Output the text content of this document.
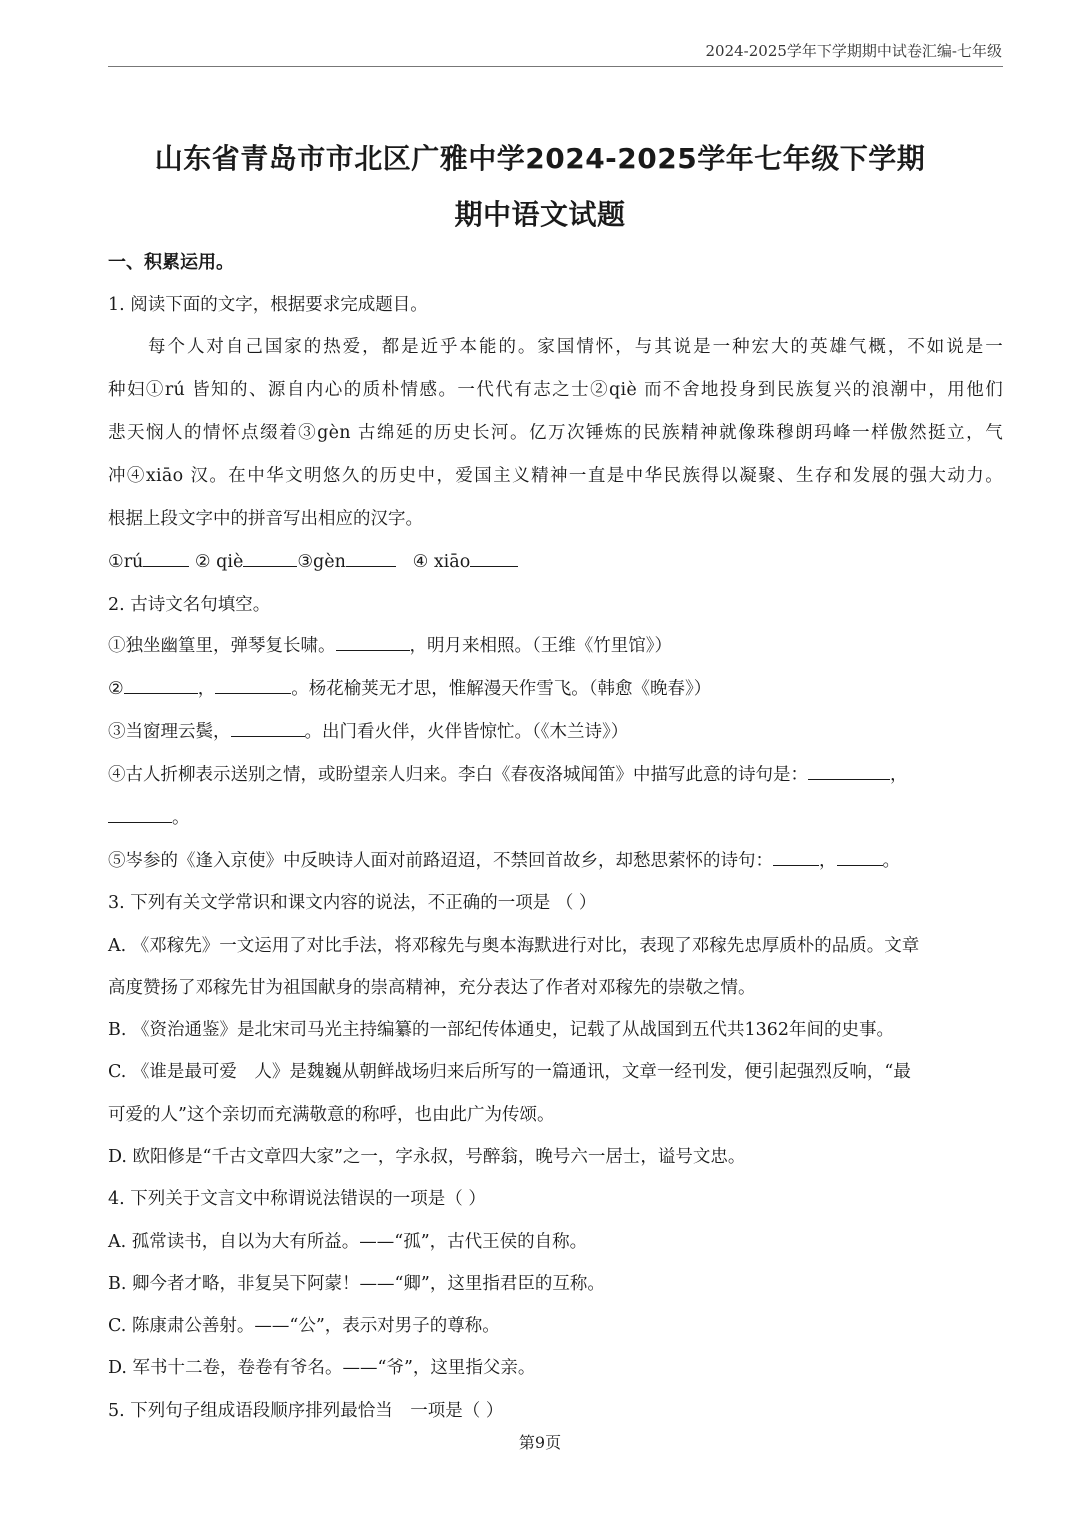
2024-2025学年下学期期中试卷汇编-七年级
山东省青岛市市北区广雅中学2024-2025学年七年级下学期
期中语文试题
一、积累运用。
1. 阅读下面的文字，根据要求完成题目。
每个人对自己国家的热爱，都是近乎本能的。家国情怀，与其说是一种宏大的英雄气概，不如说是一
种妇①rú 皆知的、源自内心的质朴情感。一代代有志之士②qiè 而不舍地投身到民族复兴的浪潮中，用他们
悲天悯人的情怀点缀着③gèn 古绵延的历史长河。亿万次锤炼的民族精神就像珠穆朗玛峰一样傲然挺立，气
冲④xiāo 汉。在中华文明悠久的历史中，爱国主义精神一直是中华民族得以凝聚、生存和发展的强大动力。
根据上段文字中的拼音写出相应的汉字。
①rú	② qiè	③gèn	④ xiāo
2. 古诗文名句填空。
①独坐幽篁里，弹琴复长啸。	，明月来相照。（王维《竹里馆》）
②	，	。杨花榆荚无才思，惟解漫天作雪飞。（韩愈《晚春》）
③当窗理云鬓，	。出门看火伴，火伴皆惊忙。（《木兰诗》）
④古人折柳表示送别之情，或盼望亲人归来。李白《春夜洛城闻笛》中描写此意的诗句是：	，
。
⑤岑参的《逢入京使》中反映诗人面对前路迢迢，不禁回首故乡，却愁思萦怀的诗句：	，	。
3. 下列有关文学常识和课文内容的说法，不正确的一项是 （ ）
A. 《邓稼先》一文运用了对比手法，将邓稼先与奥本海默进行对比，表现了邓稼先忠厚质朴的品质。文章
高度赞扬了邓稼先甘为祖国献身的崇高精神，充分表达了作者对邓稼先的崇敬之情。
B. 《资治通鉴》是北宋司马光主持编纂的一部纪传体通史，记载了从战国到五代共1362年间的史事。
C. 《谁是最可爱　人》是魏巍从朝鲜战场归来后所写的一篇通讯，文章一经刊发，便引起强烈反响，“最
可爱的人”这个亲切而充满敬意的称呼，也由此广为传颂。
D. 欧阳修是“千古文章四大家”之一，字永叔，号醉翁，晚号六一居士，谥号文忠。
4. 下列关于文言文中称谓说法错误的一项是（ ）
A. 孤常读书，自以为大有所益。——“孤”，古代王侯的自称。
B. 卿今者才略，非复吴下阿蒙！——“卿”，这里指君臣的互称。
C. 陈康肃公善射。——“公”，表示对男子的尊称。
D. 军书十二卷，卷卷有爷名。——“爷”，这里指父亲。
5. 下列句子组成语段顺序排列最恰当　一项是（ ）
第9页
